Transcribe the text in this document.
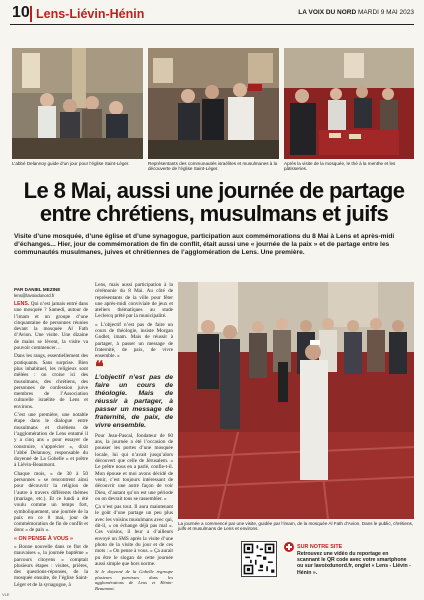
10 Lens-Liévin-Hénin	LA VOIX DU NORD MARDI 9 MAI 2023
L’abbé Delannoy guide d’un jour pour l’église Saint-Léger.	Représentants des communautés israélites et musulmanes à la découverte de l’église Saint-Léger.
Après la visite de la mosquée, le thé à la menthe et les pâtisseries.
Le 8 Mai, aussi une journée de partage entre chrétiens, musulmans et juifs
Visite d’une mosquée, d’une église et d’une synagogue, participation aux commémorations du 8 Mai à Lens et après-midi d’échanges... Hier, jour de commémoration de fin de conflit, était aussi une « journée de la paix » et de partage entre les communautés musulmanes, juives et chrétiennes de l’agglomération de Lens. Une première.
PAR DANIEL MEZINE
lens@lavoixdunord.fr

LENS. Qui n’est jamais entré dans une mosquée ? Samedi, autour de l’imam et un groupe d’une cinquantaine de personnes réunies devant la mosquée Al Fath d’Avion. Une visite. Une dizaine de mains se lèvent, la visite va pouvoir commencer…

Dans les rangs, essentiellement des pratiquants. Sans surprise. Bien plus inhabituel, les religieux sont mêlées : on croise ici des musulmans, des chrétiens, des personnes de confession juive membres de l’Association culturelle israélite de Lens et environs.

C’est une première, une notable étape dans le dialogue entre musulmans et chrétiens de l’agglomération de Lens entamé il y a cinq ans « pour essayer de construire, s’apprécier », dixit l’abbé Delannoy, responsable du doyenné de La Gohelle « et prêtre à Liévin-Beaumont.

Chaque mois, « de 30 à 50 personnes » se rencontrent ainsi pour découvrir la religion de l’autre à travers différents thèmes (mariage, etc.). Et ce lundi a été voulu comme un temps fort, symboliquement, une journée de la paix en ce 8 mai, jour de commémoration de fin de conflit et donc « de paix ».

« ON PENSE À VOUS »

« Bonne nouvelle dans ce flot de mauvaises », la journée baptême « parcours citoyens » comptait plusieurs étapes : visites, prières, des questions-réponses, de la mosquée ensuite, de l’église Saint-Léger et de la synagogue, à

Lens, mais aussi participation à la cérémonie du 8 Mai. Au côté de représentants de la ville pour fêter une après-midi conviviale de jeux et ateliers thématiques au stade Leclercq prêté par la municipalité.

« L’objectif n’est pas de faire un cours de théologie, insiste Morgan Godlet, imam. Mais de réussir à partager, à passer un message de fraternité, de paix, de vivre ensemble. »

❝
L’objectif n’est pas de faire un cours de théologie. Mais de réussir à partager, à passer un message de fraternité, de paix, de vivre ensemble.

Pour Jean-Pascal, fondateur de 60 ans, la journée a été l’occasion de pousser les portes d’une mosquée locale, lui qui n’avait jusqu’alors découvert que celle de Jérusalem. « Le prêtre nous en a parlé, confie-t-il. Mon épouse et moi avons décidé de venir, c’est toujours intéressant de découvrir une autre façon de voir Dieu, d’autant qu’on est une période ou on devrait tous se rassembler. »

Ça n’est pas tout. Il aura maintenant le goût d’une partage un peu plus avec les voisins musulmans avec qui, dit-il, « on échange déjà pas mal ». Ces voisins, il leur a d’ailleurs envoyé un SMS après la visite d’une photo de la visite du jour et de ces mots : « On pense à vous. » Ça aurait pu être le slogan de cette journée aussi simple que hors norme.

Si le doyenné de la Gohelle regroupe plusieurs paroisses dans les agglomérations de Lens et Hénin-Beaumont.

La journée a commencé par une visite, guidée par l’imam, de la mosquée Al Fath d’Avion. Dans le public, chrétiens, juifs et musulmans de Lens et environs.
SUR NOTRE SITE
Retrouvez une vidéo du reportage en scannant le QR code avec votre smartphone ou sur lavoixdunord.fr, onglet « Lens - Liévin - Hénin ».
VLE
